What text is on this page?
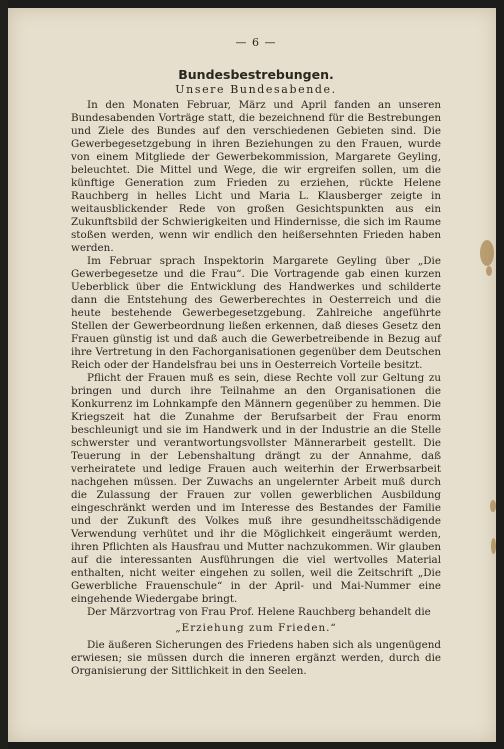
— 6 —
Bundesbestrebungen.
Unsere Bundesabende.

In den Monaten Februar, März und April fanden an unseren Bundesabenden Vorträge statt, die bezeichnend für die Bestrebungen und Ziele des Bundes auf den verschiedenen Gebieten sind. Die Gewerbegesetzgebung in ihren Beziehungen zu den Frauen, wurde von einem Mitgliede der Gewerbekommission, Margarete Geyling, beleuchtet. Die Mittel und Wege, die wir ergreifen sollen, um die künftige Generation zum Frieden zu erziehen, rückte Helene Rauchberg in helles Licht und Maria L. Klausberger zeigte in weitausblickender Rede von großen Gesichtspunkten aus ein Zukunftsbild der Schwierigkeiten und Hindernisse, die sich im Raume stoßen werden, wenn wir endlich den heißersehnten Frieden haben werden.

Im Februar sprach Inspektorin Margarete Geyling über „Die Gewerbegesetze und die Frau“. Die Vortragende gab einen kurzen Ueberblick über die Entwicklung des Handwerkes und schilderte dann die Entstehung des Gewerberechtes in Oesterreich und die heute bestehende Gewerbegesetzgebung. Zahlreiche angeführte Stellen der Gewerbeordnung ließen erkennen, daß dieses Gesetz den Frauen günstig ist und daß auch die Gewerbetreibende in Bezug auf ihre Vertretung in den Fachorganisationen gegenüber dem Deutschen Reich oder der Handelsfrau bei uns in Oesterreich Vorteile besitzt.

Pflicht der Frauen muß es sein, diese Rechte voll zur Geltung zu bringen und durch ihre Teilnahme an den Organisationen die Konkurrenz im Lohnkampfe den Männern gegenüber zu hemmen. Die Kriegszeit hat die Zunahme der Berufsarbeit der Frau enorm beschleunigt und sie im Handwerk und in der Industrie an die Stelle schwerster und verantwortungsvollster Männerarbeit gestellt. Die Teuerung in der Lebenshaltung drängt zu der Annahme, daß verheiratete und ledige Frauen auch weiterhin der Erwerbsarbeit nachgehen müssen. Der Zuwachs an ungelernter Arbeit muß durch die Zulassung der Frauen zur vollen gewerblichen Ausbildung eingeschränkt werden und im Interesse des Bestandes der Familie und der Zukunft des Volkes muß ihre gesundheitsschädigende Verwendung verhütet und ihr die Möglichkeit eingeräumt werden, ihren Pflichten als Hausfrau und Mutter nachzukommen. Wir glauben auf die interessanten Ausführungen die viel wertvolles Material enthalten, nicht weiter eingehen zu sollen, weil die Zeitschrift „Die Gewerbliche Frauenschule“ in der April- und Mai-Nummer eine eingehende Wiedergabe bringt.

Der Märzvortrag von Frau Prof. Helene Rauchberg behandelt die

„Erziehung zum Frieden.“

Die äußeren Sicherungen des Friedens haben sich als ungenügend erwiesen; sie müssen durch die inneren ergänzt werden, durch die Organisierung der Sittlichkeit in den Seelen.
